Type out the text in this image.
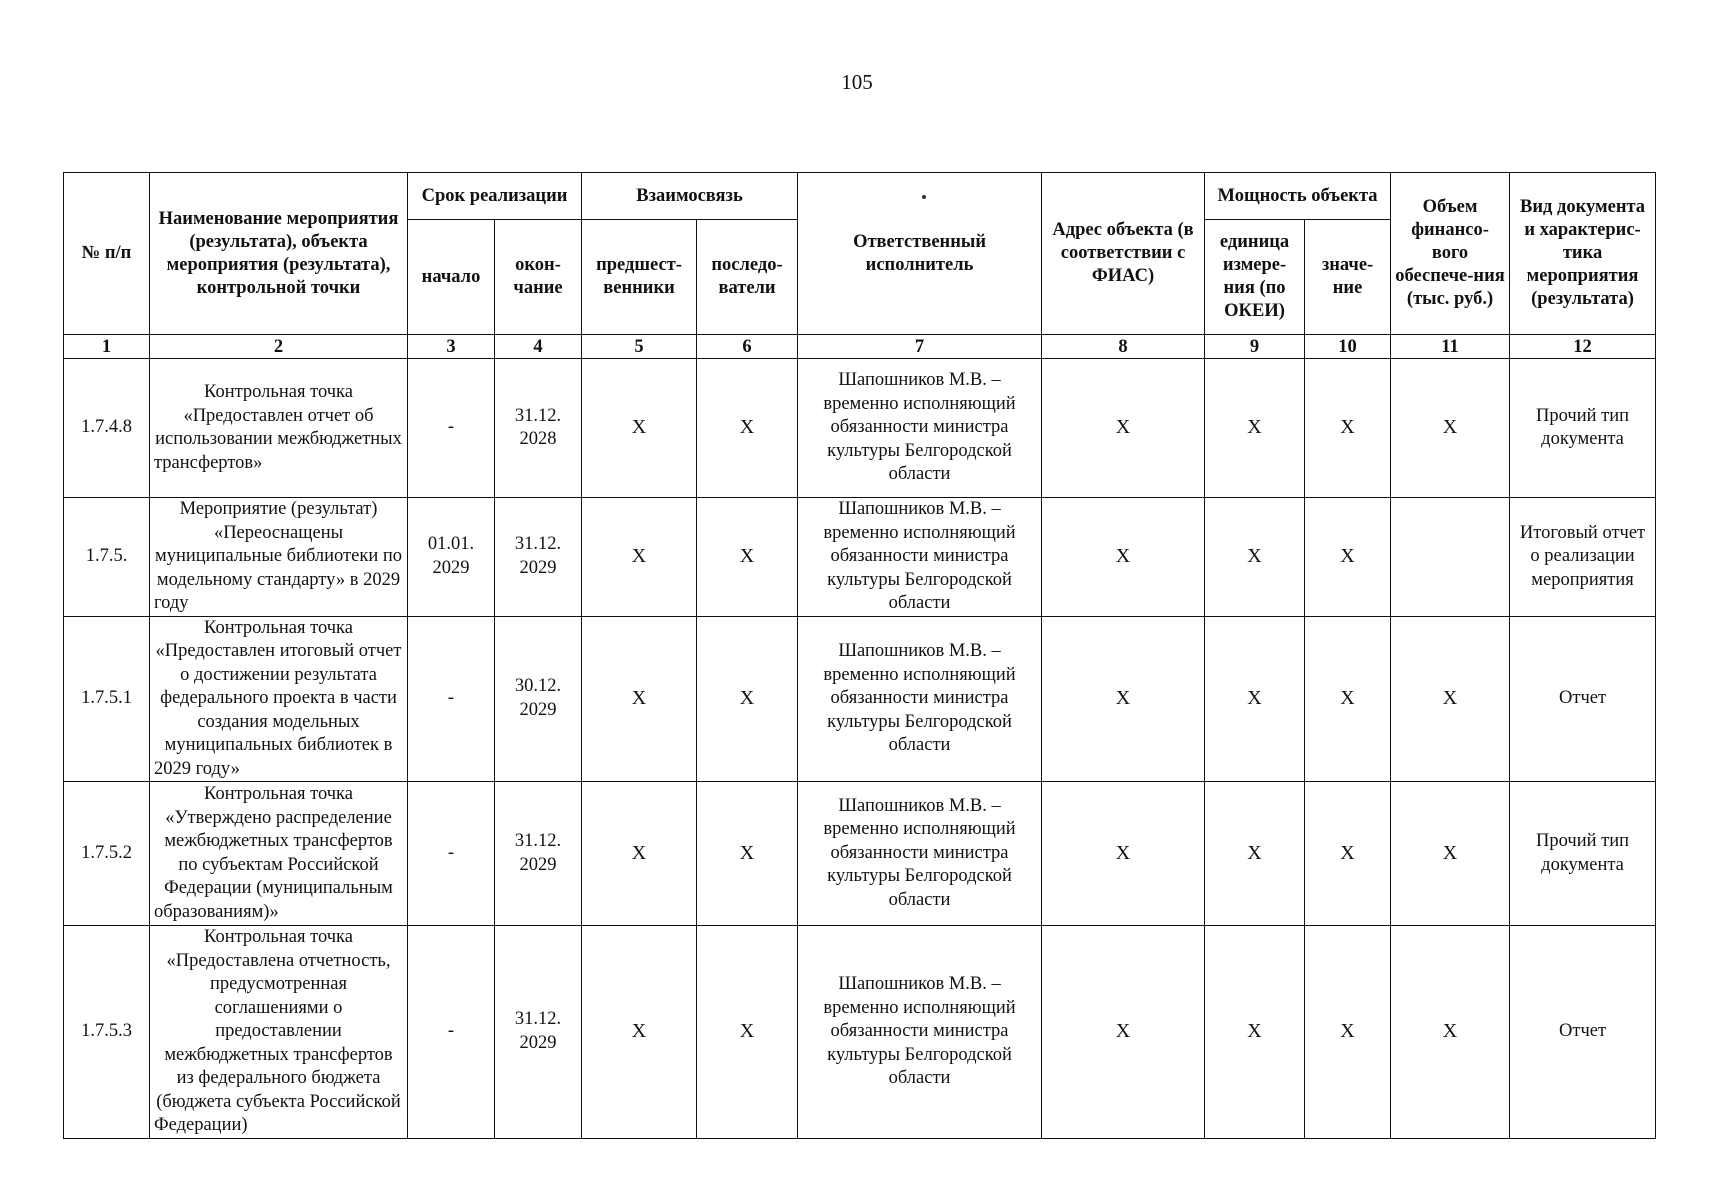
105
№ п/п	Наименование мероприятия (результата), объекта мероприятия (результата), контрольной точки	Срок реализации		Взаимосвязь		Ответственный исполнитель	Адрес объекта (в соответствии с ФИАС)	Мощность объекта		Объем финансо-вого обеспече-ния (тыс. руб.)	Вид документа и характерис-тика мероприятия (результата)
		начало	окон-чание	предшест-венники	последо-ватели			единица измере-ния (по ОКЕИ)	значе-ние		
1	2	3	4	5	6	7	8	9	10	11	12
1.7.4.8	Контрольная точка «Предоставлен отчет об использовании межбюджетных трансфертов»	-	31.12. 2028	X	X	Шапошников М.В. – временно исполняющий обязанности министра культуры Белгородской области	X	X	X	X	Прочий тип документа
1.7.5.	Мероприятие (результат) «Переоснащены муниципальные библиотеки по модельному стандарту» в 2029 году	01.01. 2029	31.12. 2029	X	X	Шапошников М.В. – временно исполняющий обязанности министра культуры Белгородской области	X	X	X		Итоговый отчет о реализации мероприятия
1.7.5.1	Контрольная точка «Предоставлен итоговый отчет о достижении результата федерального проекта в части создания модельных муниципальных библиотек в 2029 году»	-	30.12. 2029	X	X	Шапошников М.В. – временно исполняющий обязанности министра культуры Белгородской области	X	X	X	X	Отчет
1.7.5.2	Контрольная точка «Утверждено распределение межбюджетных трансфертов по субъектам Российской Федерации (муниципальным образованиям)»	-	31.12. 2029	X	X	Шапошников М.В. – временно исполняющий обязанности министра культуры Белгородской области	X	X	X	X	Прочий тип документа
1.7.5.3	Контрольная точка «Предоставлена отчетность, предусмотренная соглашениями о предоставлении межбюджетных трансфертов из федерального бюджета (бюджета субъекта Российской Федерации)	-	31.12. 2029	X	X	Шапошников М.В. – временно исполняющий обязанности министра культуры Белгородской области	X	X	X	X	Отчет
